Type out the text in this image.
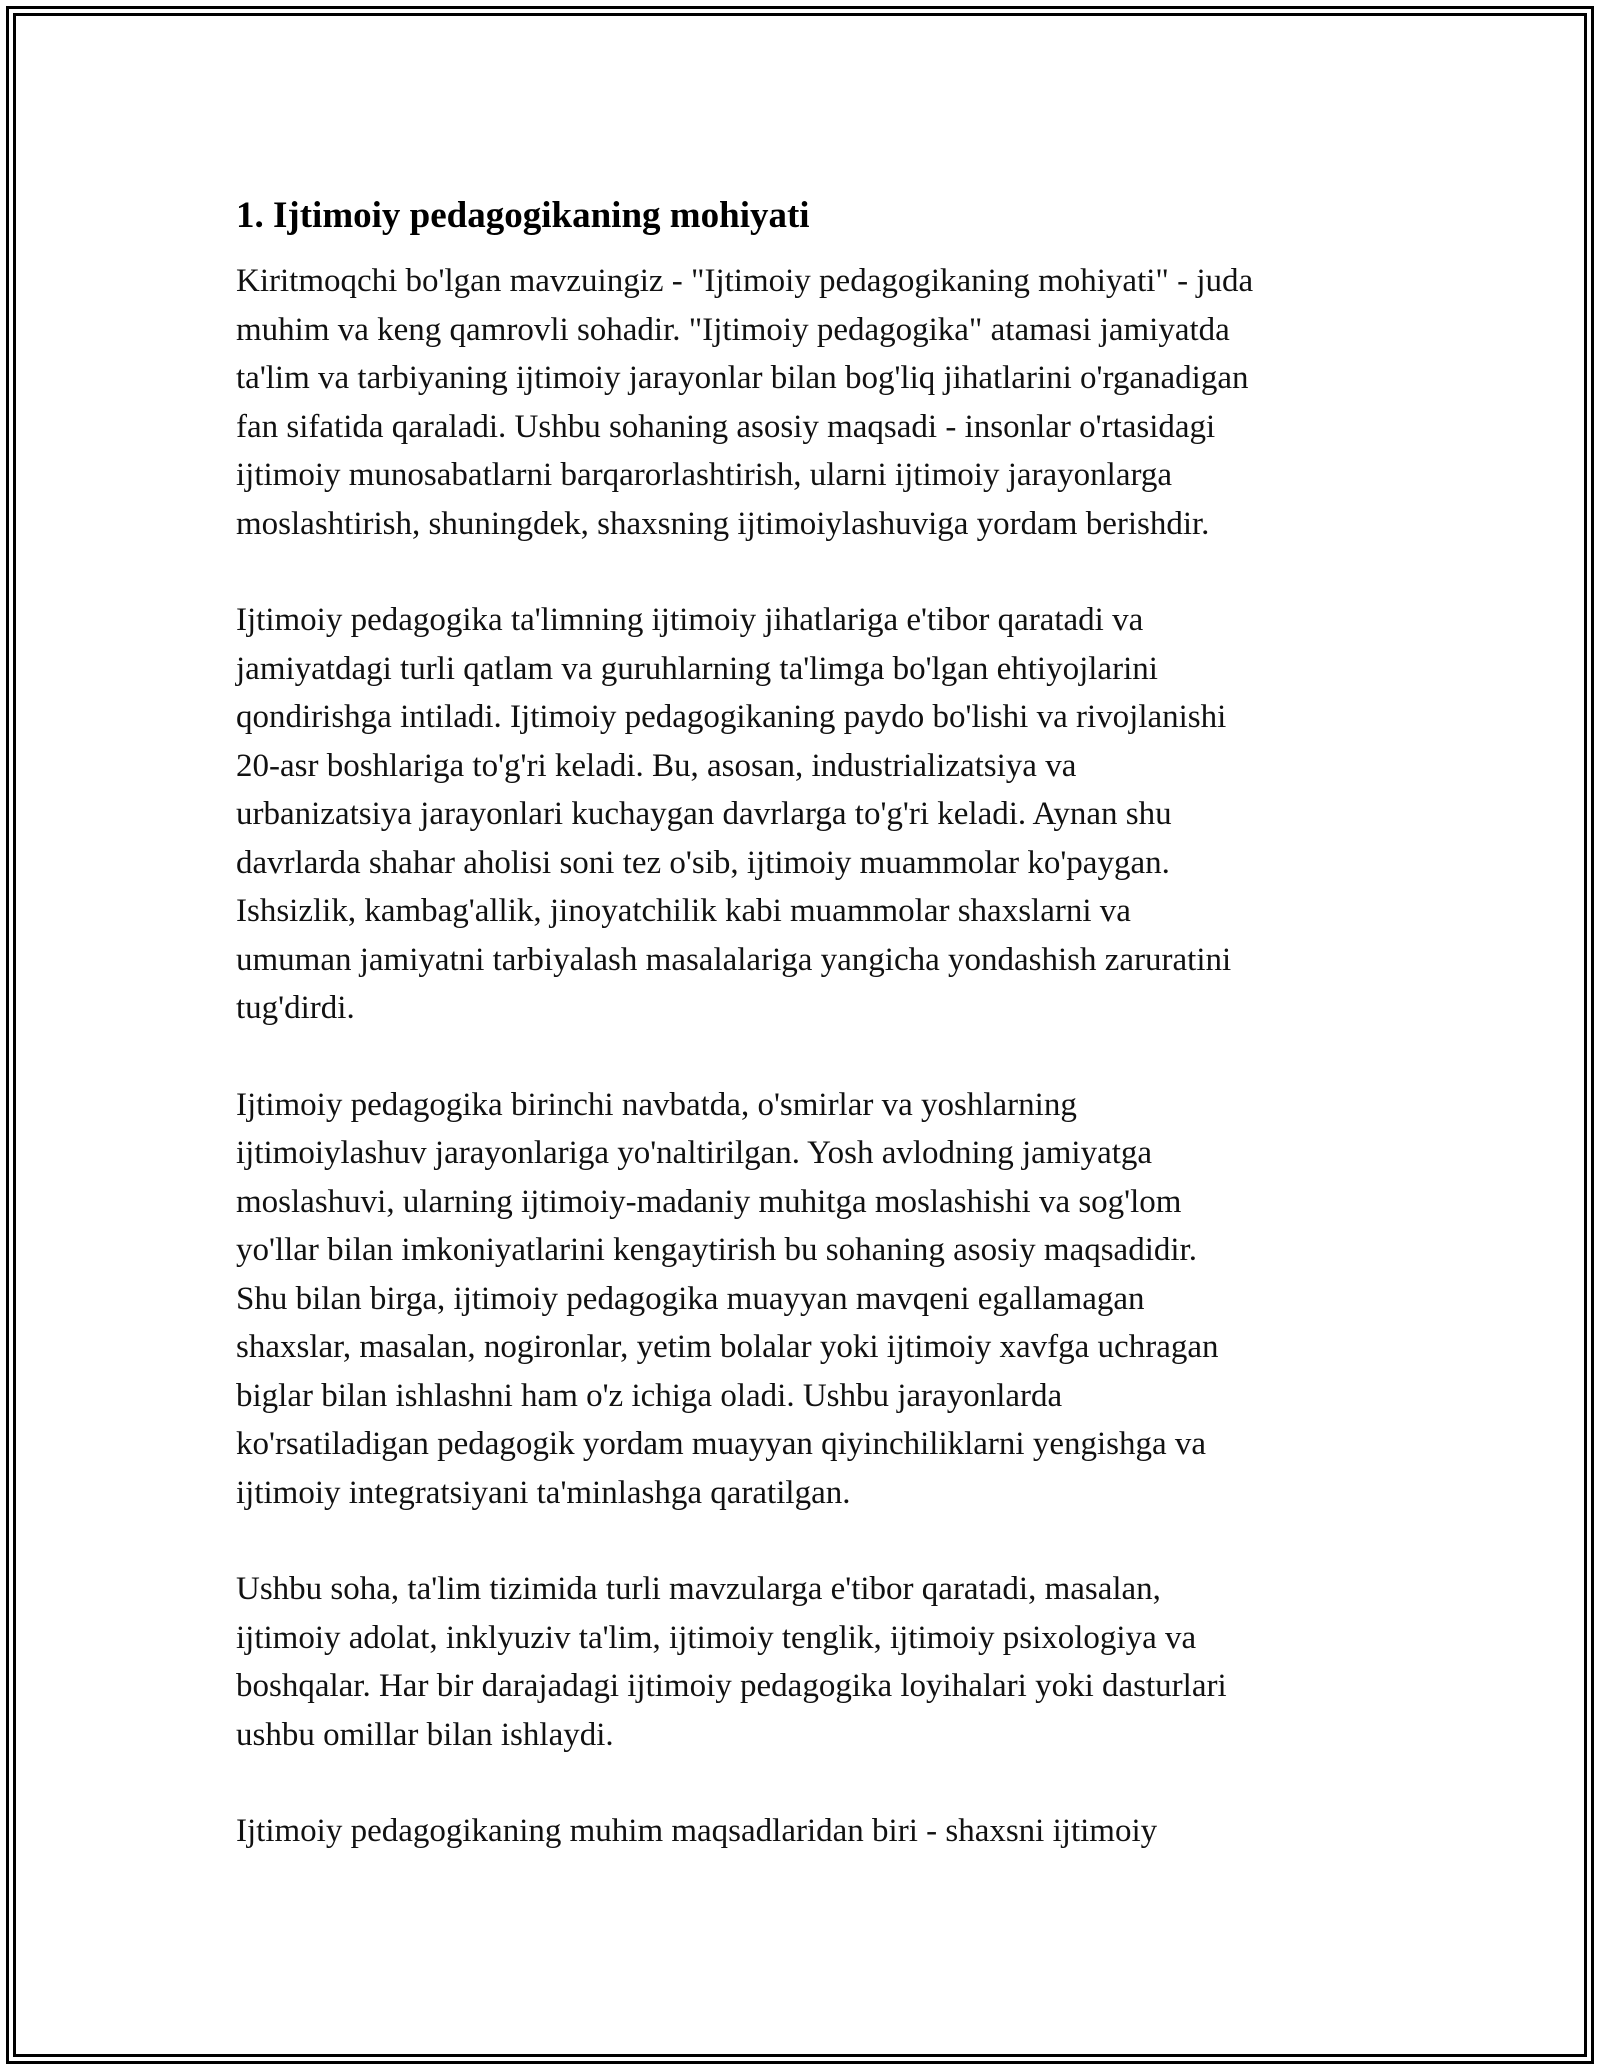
1. Ijtimoiy pedagogikaning mohiyati

Kiritmoqchi bo'lgan mavzuingiz - "Ijtimoiy pedagogikaning mohiyati" - juda
muhim va keng qamrovli sohadir. "Ijtimoiy pedagogika" atamasi jamiyatda
ta'lim va tarbiyaning ijtimoiy jarayonlar bilan bog'liq jihatlarini o'rganadigan
fan sifatida qaraladi. Ushbu sohaning asosiy maqsadi - insonlar o'rtasidagi
ijtimoiy munosabatlarni barqarorlashtirish, ularni ijtimoiy jarayonlarga
moslashtirish, shuningdek, shaxsning ijtimoiylashuviga yordam berishdir.

Ijtimoiy pedagogika ta'limning ijtimoiy jihatlariga e'tibor qaratadi va
jamiyatdagi turli qatlam va guruhlarning ta'limga bo'lgan ehtiyojlarini
qondirishga intiladi. Ijtimoiy pedagogikaning paydo bo'lishi va rivojlanishi
20-asr boshlariga to'g'ri keladi. Bu, asosan, industrializatsiya va
urbanizatsiya jarayonlari kuchaygan davrlarga to'g'ri keladi. Aynan shu
davrlarda shahar aholisi soni tez o'sib, ijtimoiy muammolar ko'paygan.
Ishsizlik, kambag'allik, jinoyatchilik kabi muammolar shaxslarni va
umuman jamiyatni tarbiyalash masalalariga yangicha yondashish zaruratini
tug'dirdi.

Ijtimoiy pedagogika birinchi navbatda, o'smirlar va yoshlarning
ijtimoiylashuv jarayonlariga yo'naltirilgan. Yosh avlodning jamiyatga
moslashuvi, ularning ijtimoiy-madaniy muhitga moslashishi va sog'lom
yo'llar bilan imkoniyatlarini kengaytirish bu sohaning asosiy maqsadidir.
Shu bilan birga, ijtimoiy pedagogika muayyan mavqeni egallamagan
shaxslar, masalan, nogironlar, yetim bolalar yoki ijtimoiy xavfga uchragan
biglar bilan ishlashni ham o'z ichiga oladi. Ushbu jarayonlarda
ko'rsatiladigan pedagogik yordam muayyan qiyinchiliklarni yengishga va
ijtimoiy integratsiyani ta'minlashga qaratilgan.

Ushbu soha, ta'lim tizimida turli mavzularga e'tibor qaratadi, masalan,
ijtimoiy adolat, inklyuziv ta'lim, ijtimoiy tenglik, ijtimoiy psixologiya va
boshqalar. Har bir darajadagi ijtimoiy pedagogika loyihalari yoki dasturlari
ushbu omillar bilan ishlaydi.

Ijtimoiy pedagogikaning muhim maqsadlaridan biri - shaxsni ijtimoiy
